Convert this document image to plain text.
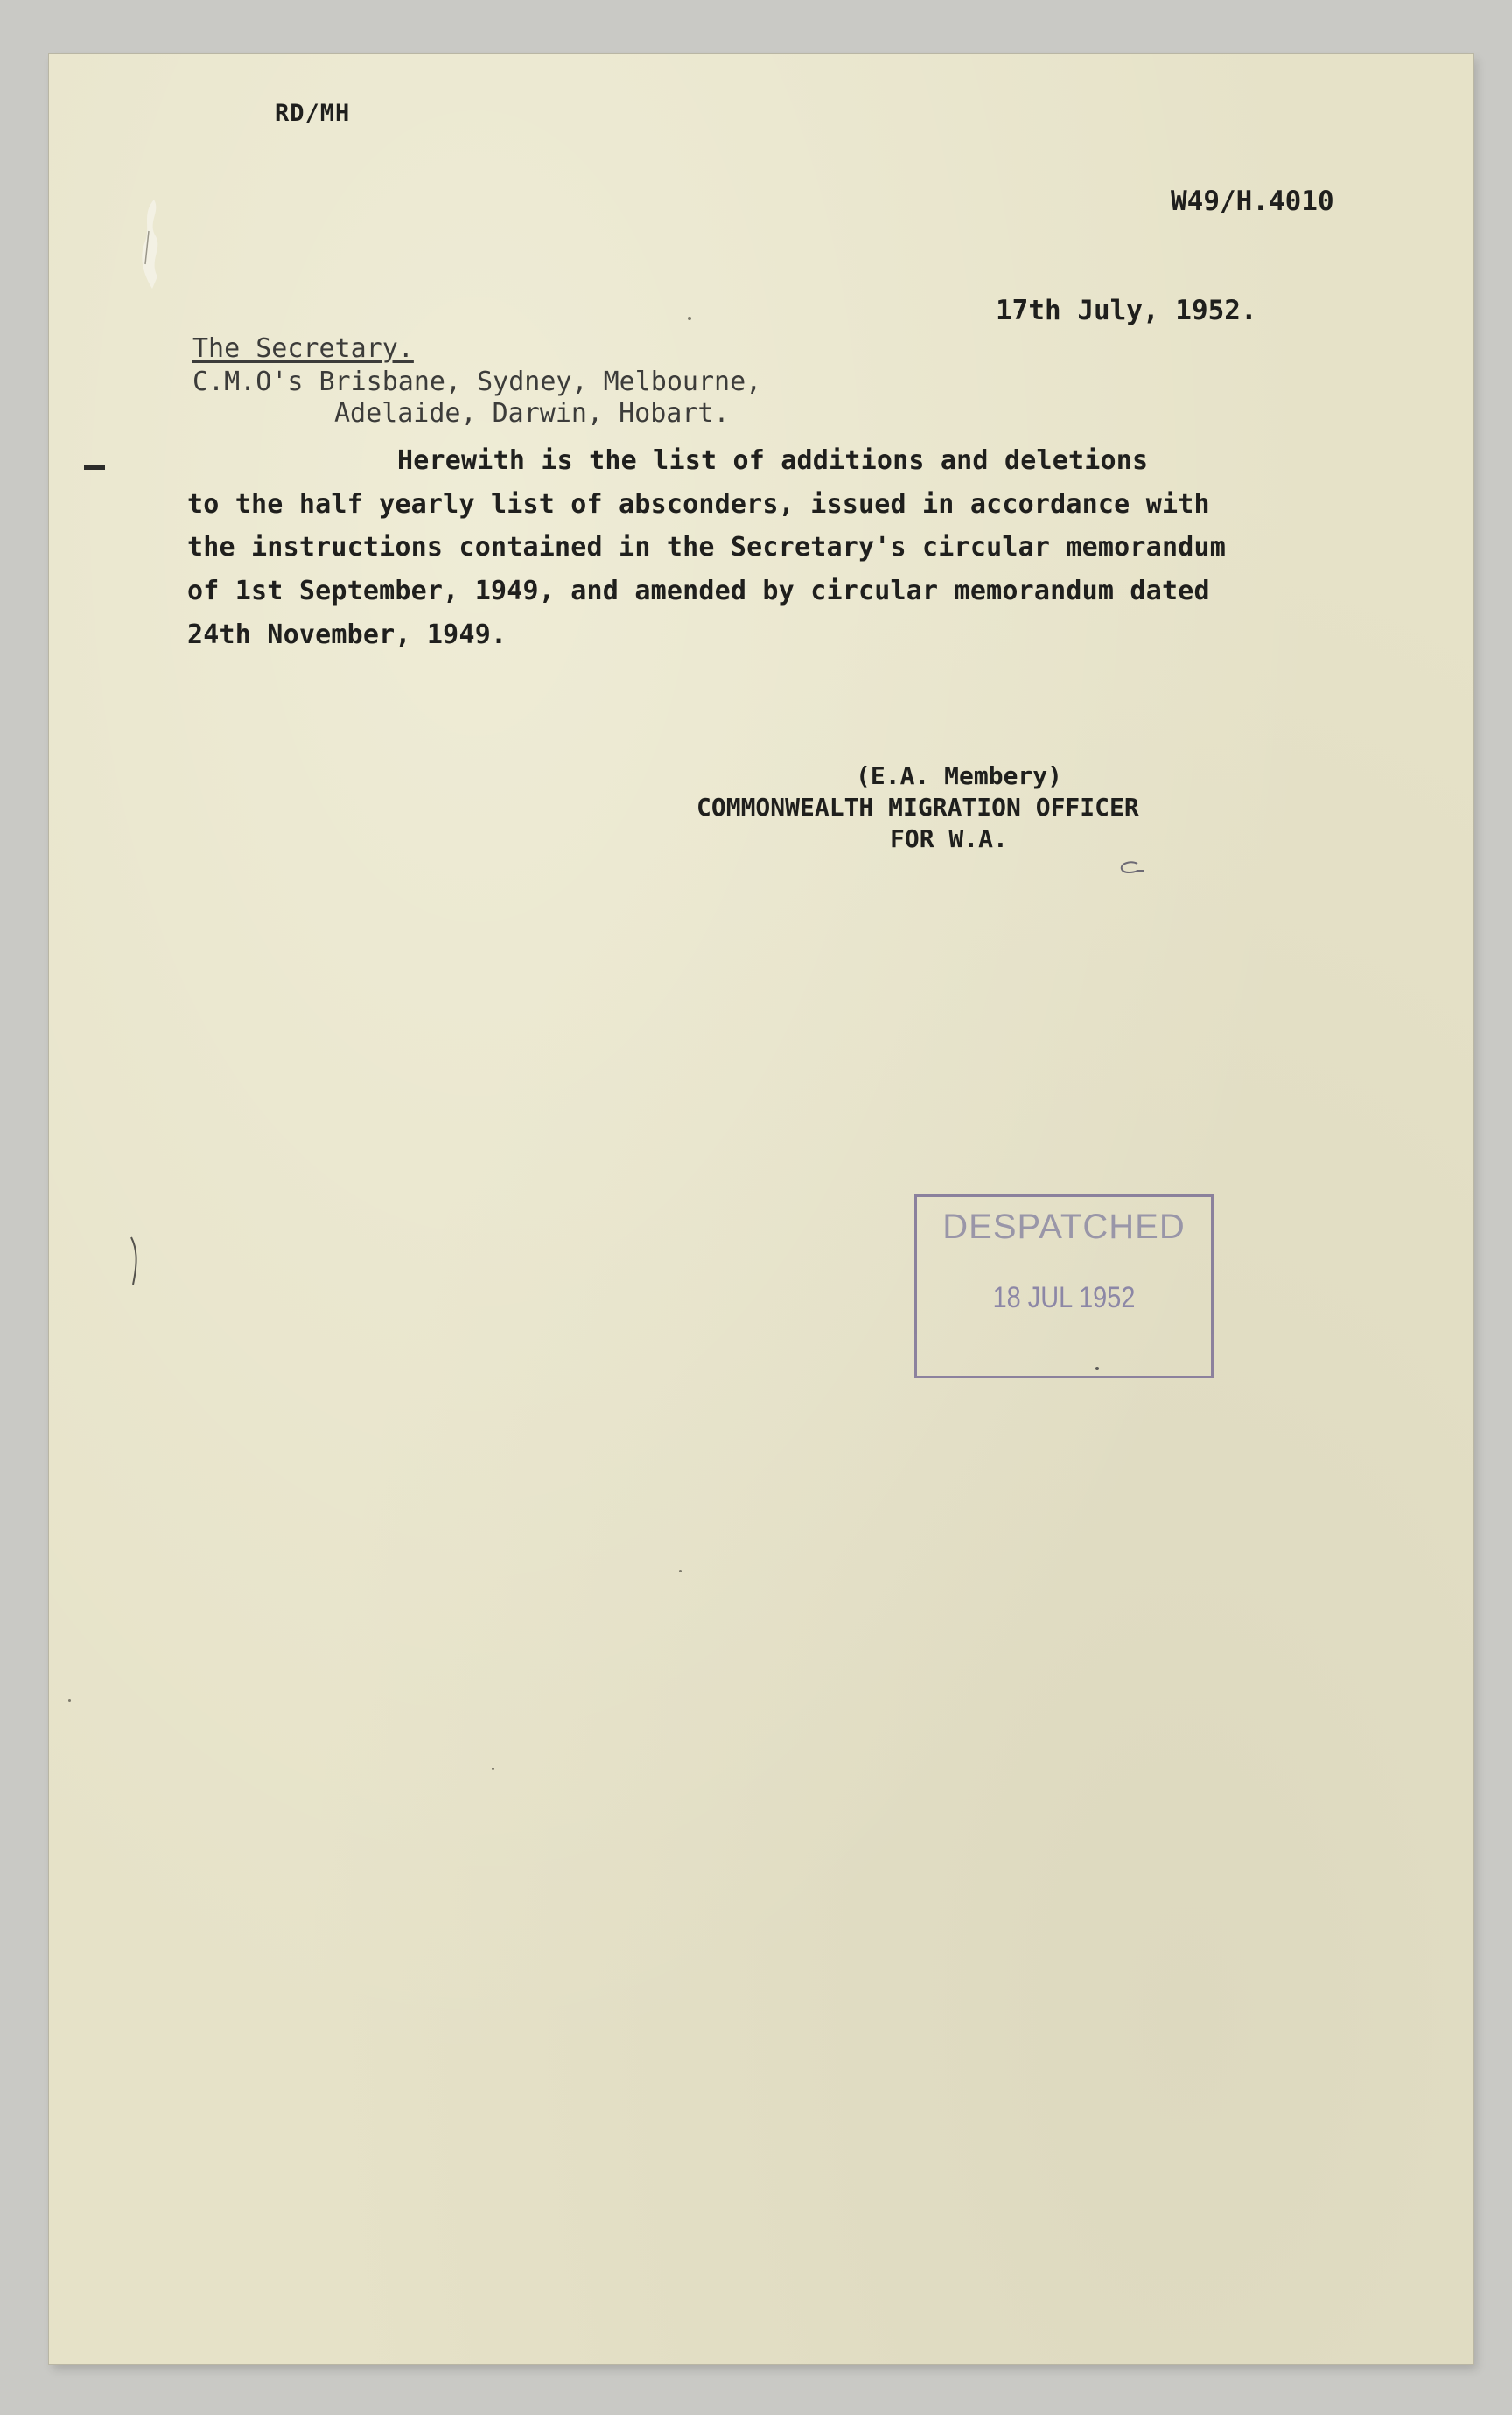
RD/MH

W49/H.4010

17th July, 1952.

The Secretary.

C.M.O's Brisbane, Sydney, Melbourne,

Adelaide, Darwin, Hobart.

Herewith is the list of additions and deletions

to the half yearly list of absconders, issued in accordance with

the instructions contained in the Secretary's circular memorandum

of 1st September, 1949, and amended by circular memorandum dated

24th November, 1949.

(E.A. Membery)

COMMONWEALTH MIGRATION OFFICER

FOR W.A.

DESPATCHED
18 JUL 1952
